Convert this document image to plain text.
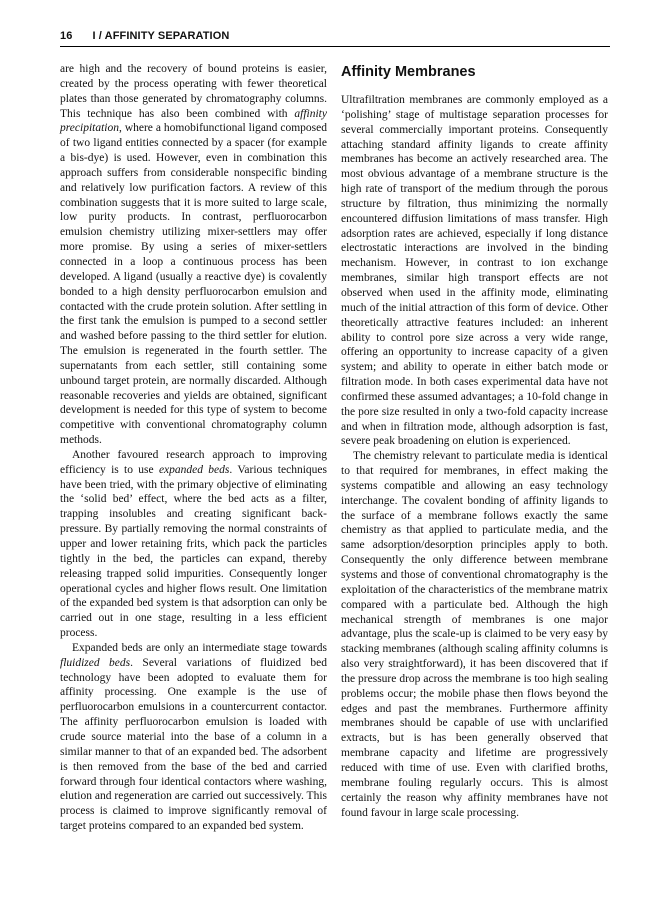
16 I / AFFINITY SEPARATION

are high and the recovery of bound proteins is easier, created by the process operating with fewer theoretical plates than those generated by chromatography columns. This technique has also been combined with affinity precipitation, where a homobifunctional ligand composed of two ligand entities connected by a spacer (for example a bis-dye) is used. However, even in combination this approach suffers from considerable nonspecific binding and relatively low purification factors. A review of this combination suggests that it is more suited to large scale, low purity products. In contrast, perfluorocarbon emulsion chemistry utilizing mixer-settlers may offer more promise. By using a series of mixer-settlers connected in a loop a continuous process has been developed. A ligand (usually a reactive dye) is covalently bonded to a high density perfluorocarbon emulsion and contacted with the crude protein solution. After settling in the first tank the emulsion is pumped to a second settler and washed before passing to the third settler for elution. The emulsion is regenerated in the fourth settler. The supernatants from each settler, still containing some unbound target protein, are normally discarded. Although reasonable recoveries and yields are obtained, significant development is needed for this type of system to become competitive with conventional chromatography column methods.

Another favoured research approach to improving efficiency is to use expanded beds. Various techniques have been tried, with the primary objective of eliminating the ‘solid bed’ effect, where the bed acts as a filter, trapping insolubles and creating significant back-pressure. By partially removing the normal constraints of upper and lower retaining frits, which pack the particles tightly in the bed, the particles can expand, thereby releasing trapped solid impurities. Consequently longer operational cycles and higher flows result. One limitation of the expanded bed system is that adsorption can only be carried out in one stage, resulting in a less efficient process.

Expanded beds are only an intermediate stage towards fluidized beds. Several variations of fluidized bed technology have been adopted to evaluate them for affinity processing. One example is the use of perfluorocarbon emulsions in a countercurrent contactor. The affinity perfluorocarbon emulsion is loaded with crude source material into the base of a column in a similar manner to that of an expanded bed. The adsorbent is then removed from the base of the bed and carried forward through four identical contactors where washing, elution and regeneration are carried out successively. This process is claimed to improve significantly removal of target proteins compared to an expanded bed system.

Affinity Membranes

Ultrafiltration membranes are commonly employed as a ‘polishing’ stage of multistage separation processes for several commercially important proteins. Consequently attaching standard affinity ligands to create affinity membranes has become an actively researched area. The most obvious advantage of a membrane structure is the high rate of transport of the medium through the porous structure by filtration, thus minimizing the normally encountered diffusion limitations of mass transfer. High adsorption rates are achieved, especially if long distance electrostatic interactions are involved in the binding mechanism. However, in contrast to ion exchange membranes, similar high transport effects are not observed when used in the affinity mode, eliminating much of the initial attraction of this form of device. Other theoretically attractive features included: an inherent ability to control pore size across a very wide range, offering an opportunity to increase capacity of a given system; and ability to operate in either batch mode or filtration mode. In both cases experimental data have not confirmed these assumed advantages; a 10-fold change in the pore size resulted in only a two-fold capacity increase and when in filtration mode, although adsorption is fast, severe peak broadening on elution is experienced.

The chemistry relevant to particulate media is identical to that required for membranes, in effect making the systems compatible and allowing an easy technology interchange. The covalent bonding of affinity ligands to the surface of a membrane follows exactly the same chemistry as that applied to particulate media, and the same adsorption/desorption principles apply to both. Consequently the only difference between membrane systems and those of conventional chromatography is the exploitation of the characteristics of the membrane matrix compared with a particulate bed. Although the high mechanical strength of membranes is one major advantage, plus the scale-up is claimed to be very easy by stacking membranes (although scaling affinity columns is also very straightforward), it has been discovered that if the pressure drop across the membrane is too high sealing problems occur; the mobile phase then flows beyond the edges and past the membranes. Furthermore affinity membranes should be capable of use with unclarified extracts, but is has been generally observed that membrane capacity and lifetime are progressively reduced with time of use. Even with clarified broths, membrane fouling regularly occurs. This is almost certainly the reason why affinity membranes have not found favour in large scale processing.
